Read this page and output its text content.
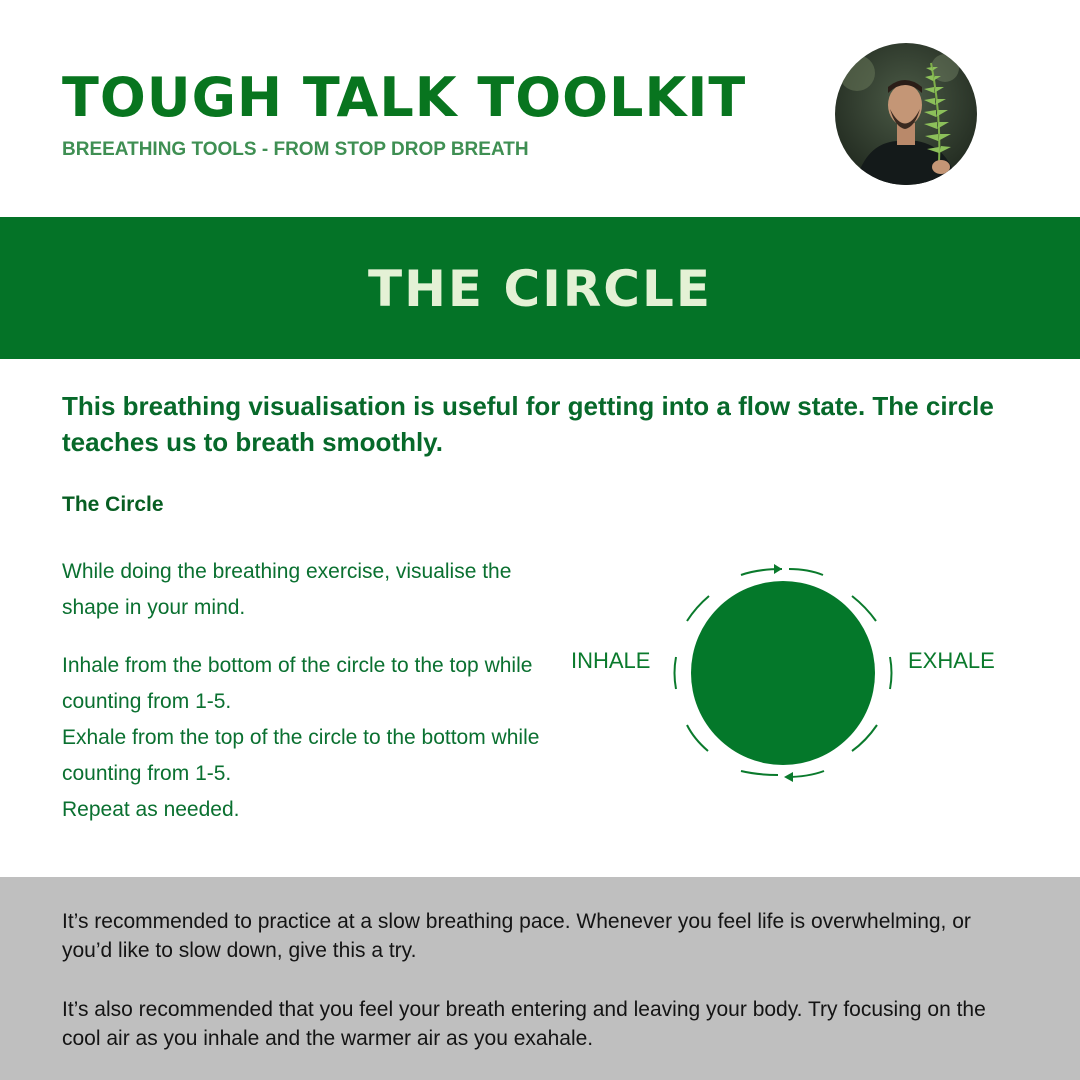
TOUGH TALK TOOLKIT
BREEATHING TOOLS - FROM STOP DROP BREATH
THE CIRCLE

This breathing visualisation is useful for getting into a flow state. The circle teaches us to breath smoothly.

The Circle

While doing the breathing exercise, visualise the shape in your mind.

Inhale from the bottom of the circle to the top while counting from 1-5.
Exhale from the top of the circle to the bottom while counting from 1-5.
Repeat as needed.

INHALE	EXHALE

It’s recommended to practice at a slow breathing pace. Whenever you feel life is overwhelming, or you’d like to slow down, give this a try.

It’s also recommended that you feel your breath entering and leaving your body. Try focusing on the cool air as you inhale and the warmer air as you exahale.
